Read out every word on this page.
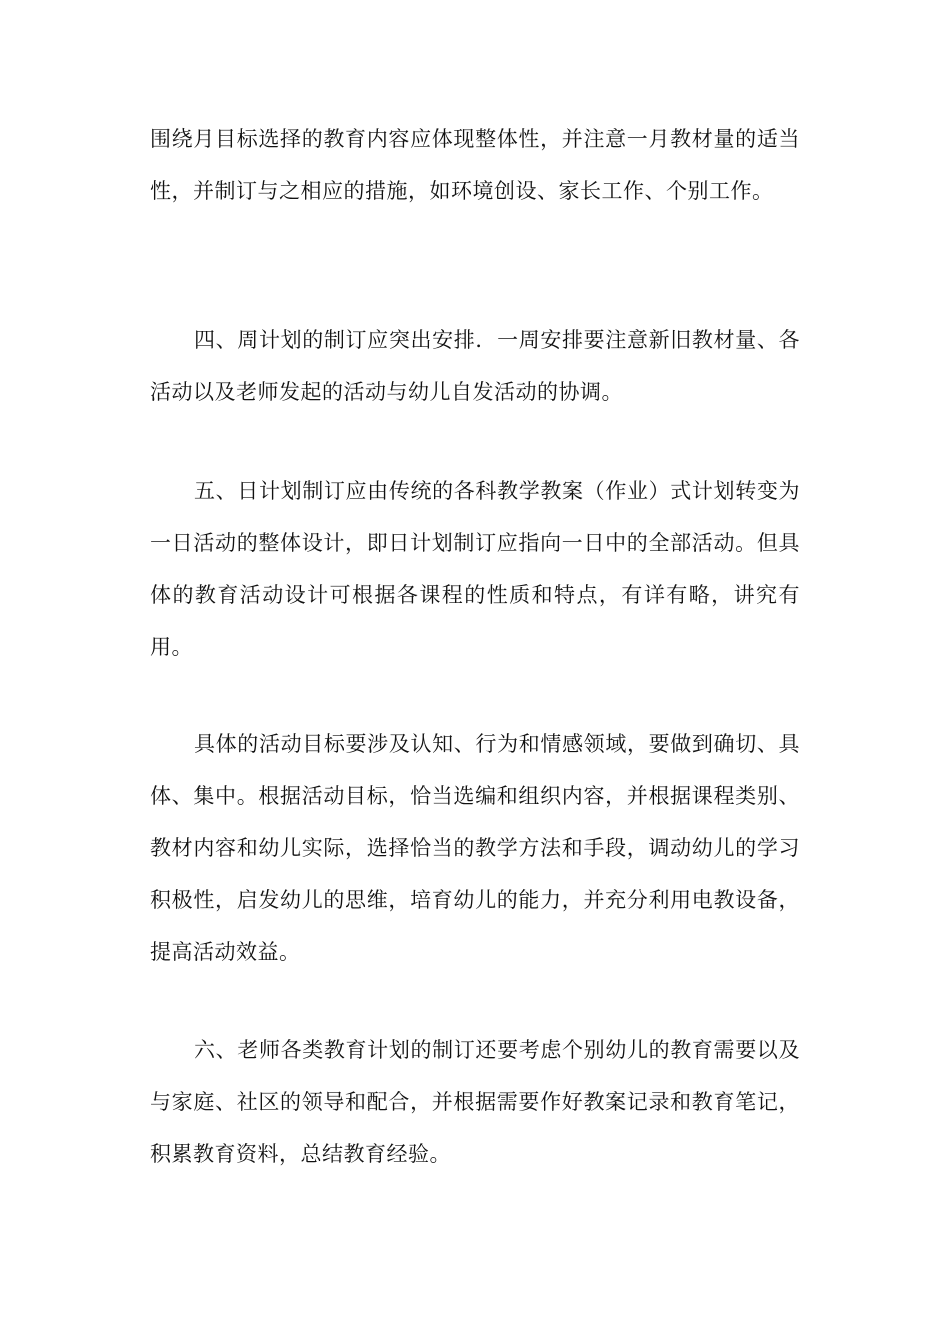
围绕月目标选择的教育内容应体现整体性，并注意一月教材量的适当性，并制订与之相应的措施，如环境创设、家长工作、个别工作。

四、周计划的制订应突出安排．一周安排要注意新旧教材量、各活动以及老师发起的活动与幼儿自发活动的协调。

五、日计划制订应由传统的各科教学教案（作业）式计划转变为一日活动的整体设计，即日计划制订应指向一日中的全部活动。但具体的教育活动设计可根据各课程的性质和特点，有详有略，讲究有用。

具体的活动目标要涉及认知、行为和情感领域，要做到确切、具体、集中。根据活动目标，恰当选编和组织内容，并根据课程类别、教材内容和幼儿实际，选择恰当的教学方法和手段，调动幼儿的学习积极性，启发幼儿的思维，培育幼儿的能力，并充分利用电教设备，提高活动效益。

六、老师各类教育计划的制订还要考虑个别幼儿的教育需要以及与家庭、社区的领导和配合，并根据需要作好教案记录和教育笔记，积累教育资料，总结教育经验。
